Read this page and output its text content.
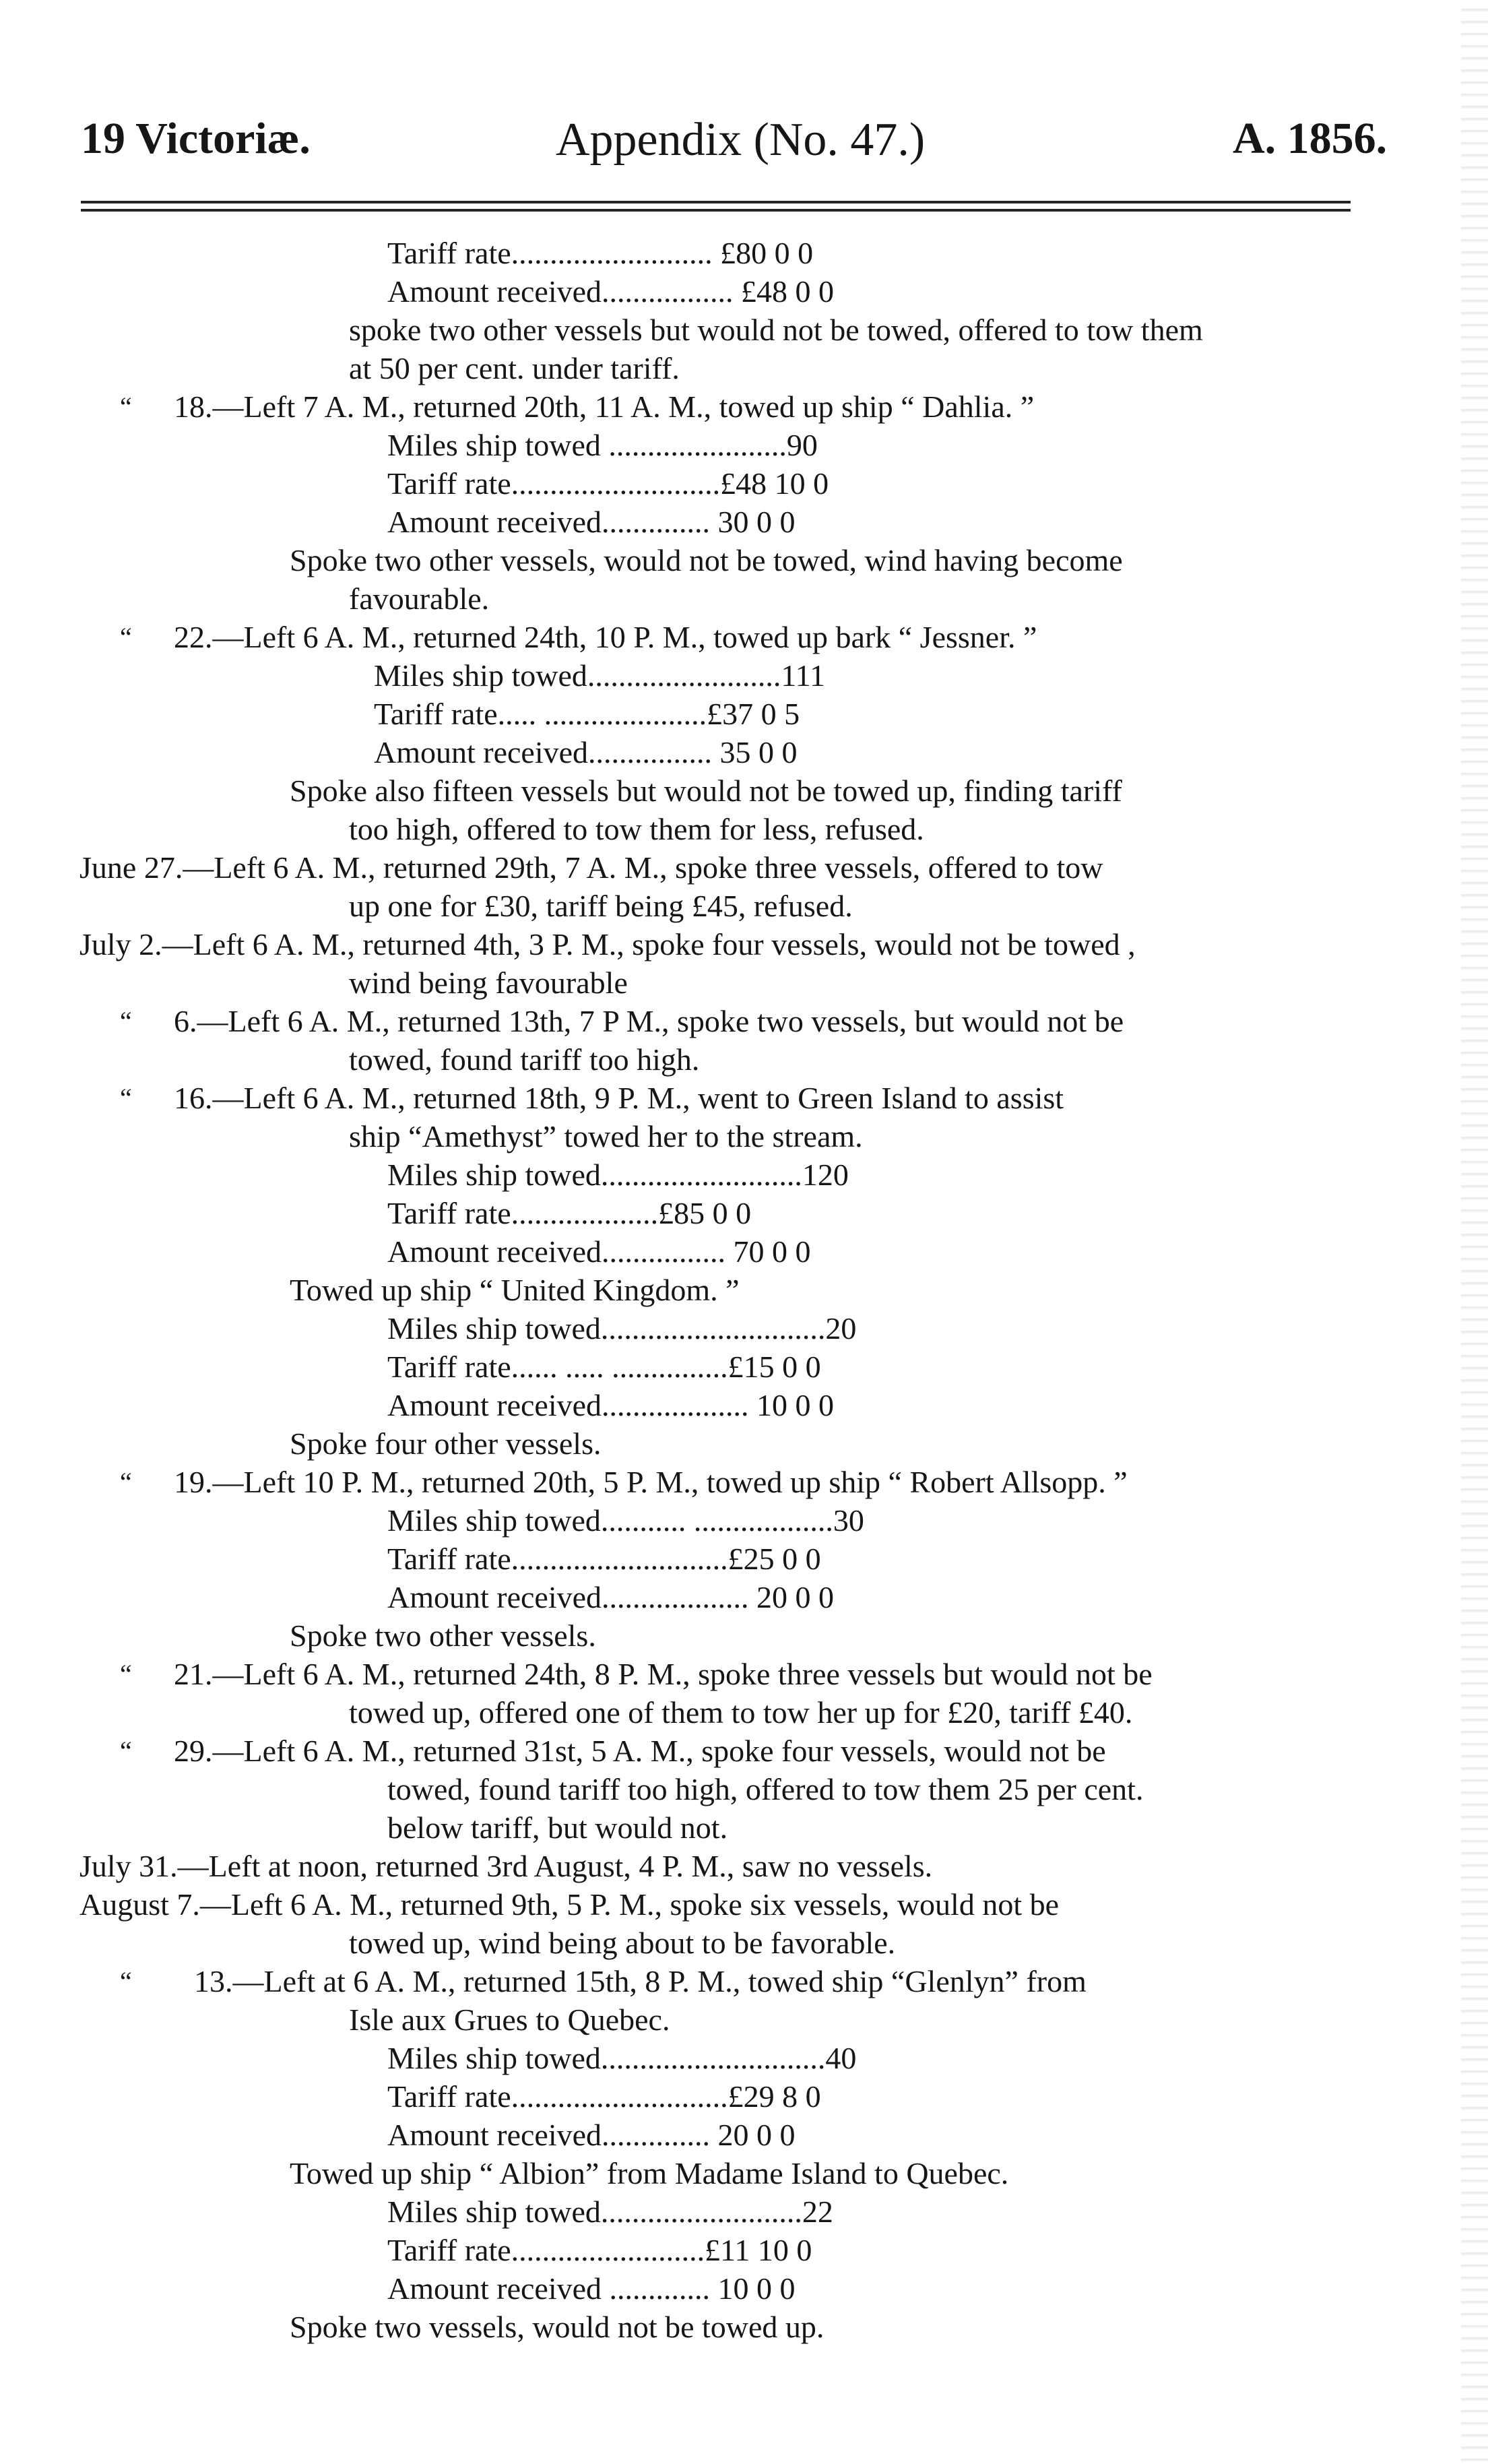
19 Victoriæ.	Appendix (No. 47.)	A. 1856.
Tariff rate.......................... £80 0 0
Amount received................. £48 0 0
spoke two other vessels but would not be towed, offered to tow them
at 50 per cent. under tariff.
“ 18.—Left 7 A. M., returned 20th, 11 A. M., towed up ship “ Dahlia. ”
Miles ship towed .......................90
Tariff rate...........................£48 10 0
Amount received.............. 30 0 0
Spoke two other vessels, would not be towed, wind having become
favourable.
“ 22.—Left 6 A. M., returned 24th, 10 P. M., towed up bark “ Jessner. ”
Miles ship towed.........................111
Tariff rate..... .....................£37 0 5
Amount received................ 35 0 0
Spoke also fifteen vessels but would not be towed up, finding tariff
too high, offered to tow them for less, refused.
June 27.—Left 6 A. M., returned 29th, 7 A. M., spoke three vessels, offered to tow
up one for £30, tariff being £45, refused.
July 2.—Left 6 A. M., returned 4th, 3 P. M., spoke four vessels, would not be towed ,
wind being favourable
“ 6.—Left 6 A. M., returned 13th, 7 P M., spoke two vessels, but would not be
towed, found tariff too high.
“ 16.—Left 6 A. M., returned 18th, 9 P. M., went to Green Island to assist
ship “Amethyst” towed her to the stream.
Miles ship towed..........................120
Tariff rate...................£85 0 0
Amount received................ 70 0 0
Towed up ship “ United Kingdom. ”
Miles ship towed.............................20
Tariff rate...... ..... ...............£15 0 0
Amount received................... 10 0 0
Spoke four other vessels.
“ 19.—Left 10 P. M., returned 20th, 5 P. M., towed up ship “ Robert Allsopp. ”
Miles ship towed........... ..................30
Tariff rate............................£25 0 0
Amount received................... 20 0 0
Spoke two other vessels.
“ 21.—Left 6 A. M., returned 24th, 8 P. M., spoke three vessels but would not be
towed up, offered one of them to tow her up for £20, tariff £40.
“ 29.—Left 6 A. M., returned 31st, 5 A. M., spoke four vessels, would not be
towed, found tariff too high, offered to tow them 25 per cent.
below tariff, but would not.
July 31.—Left at noon, returned 3rd August, 4 P. M., saw no vessels.
August 7.—Left 6 A. M., returned 9th, 5 P. M., spoke six vessels, would not be
towed up, wind being about to be favorable.
“ 13.—Left at 6 A. M., returned 15th, 8 P. M., towed ship “Glenlyn” from
Isle aux Grues to Quebec.
Miles ship towed.............................40
Tariff rate............................£29 8 0
Amount received.............. 20 0 0
Towed up ship “ Albion” from Madame Island to Quebec.
Miles ship towed..........................22
Tariff rate.........................£11 10 0
Amount received ............. 10 0 0
Spoke two vessels, would not be towed up.
